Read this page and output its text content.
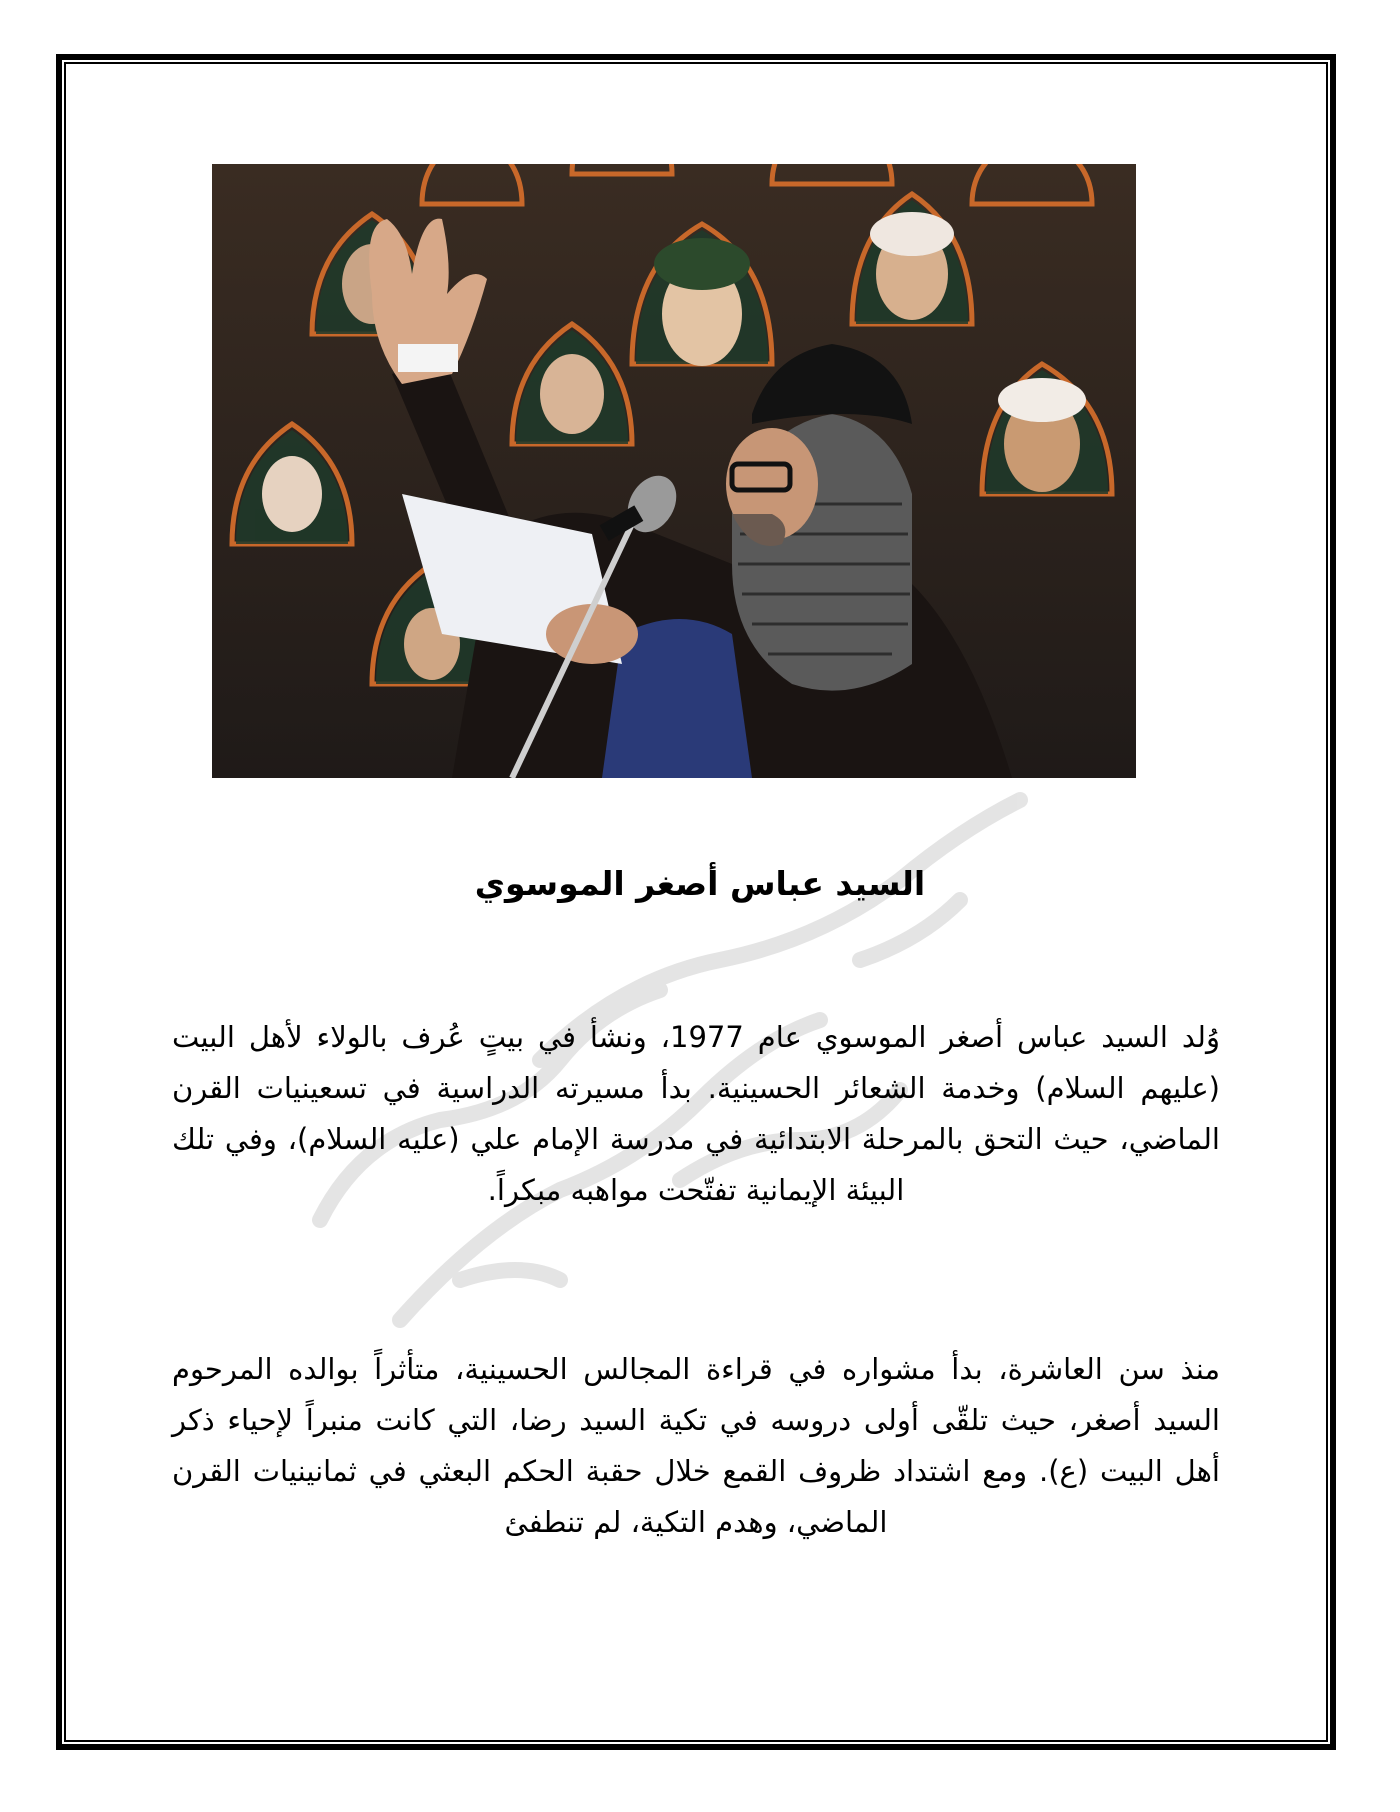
السيد عباس أصغر الموسوي
وُلد السيد عباس أصغر الموسوي عام 1977، ونشأ في بيتٍ عُرف بالولاء لأهل البيت (عليهم السلام) وخدمة الشعائر الحسينية. بدأ مسيرته الدراسية في تسعينيات القرن الماضي، حيث التحق بالمرحلة الابتدائية في مدرسة الإمام علي (عليه السلام)، وفي تلك البيئة الإيمانية تفتّحت مواهبه مبكراً.
منذ سن العاشرة، بدأ مشواره في قراءة المجالس الحسينية، متأثراً بوالده المرحوم السيد أصغر، حيث تلقّى أولى دروسه في تكية السيد رضا، التي كانت منبراً لإحياء ذكر أهل البيت (ع). ومع اشتداد ظروف القمع خلال حقبة الحكم البعثي في ثمانينيات القرن الماضي، وهدم التكية، لم تنطفئ
